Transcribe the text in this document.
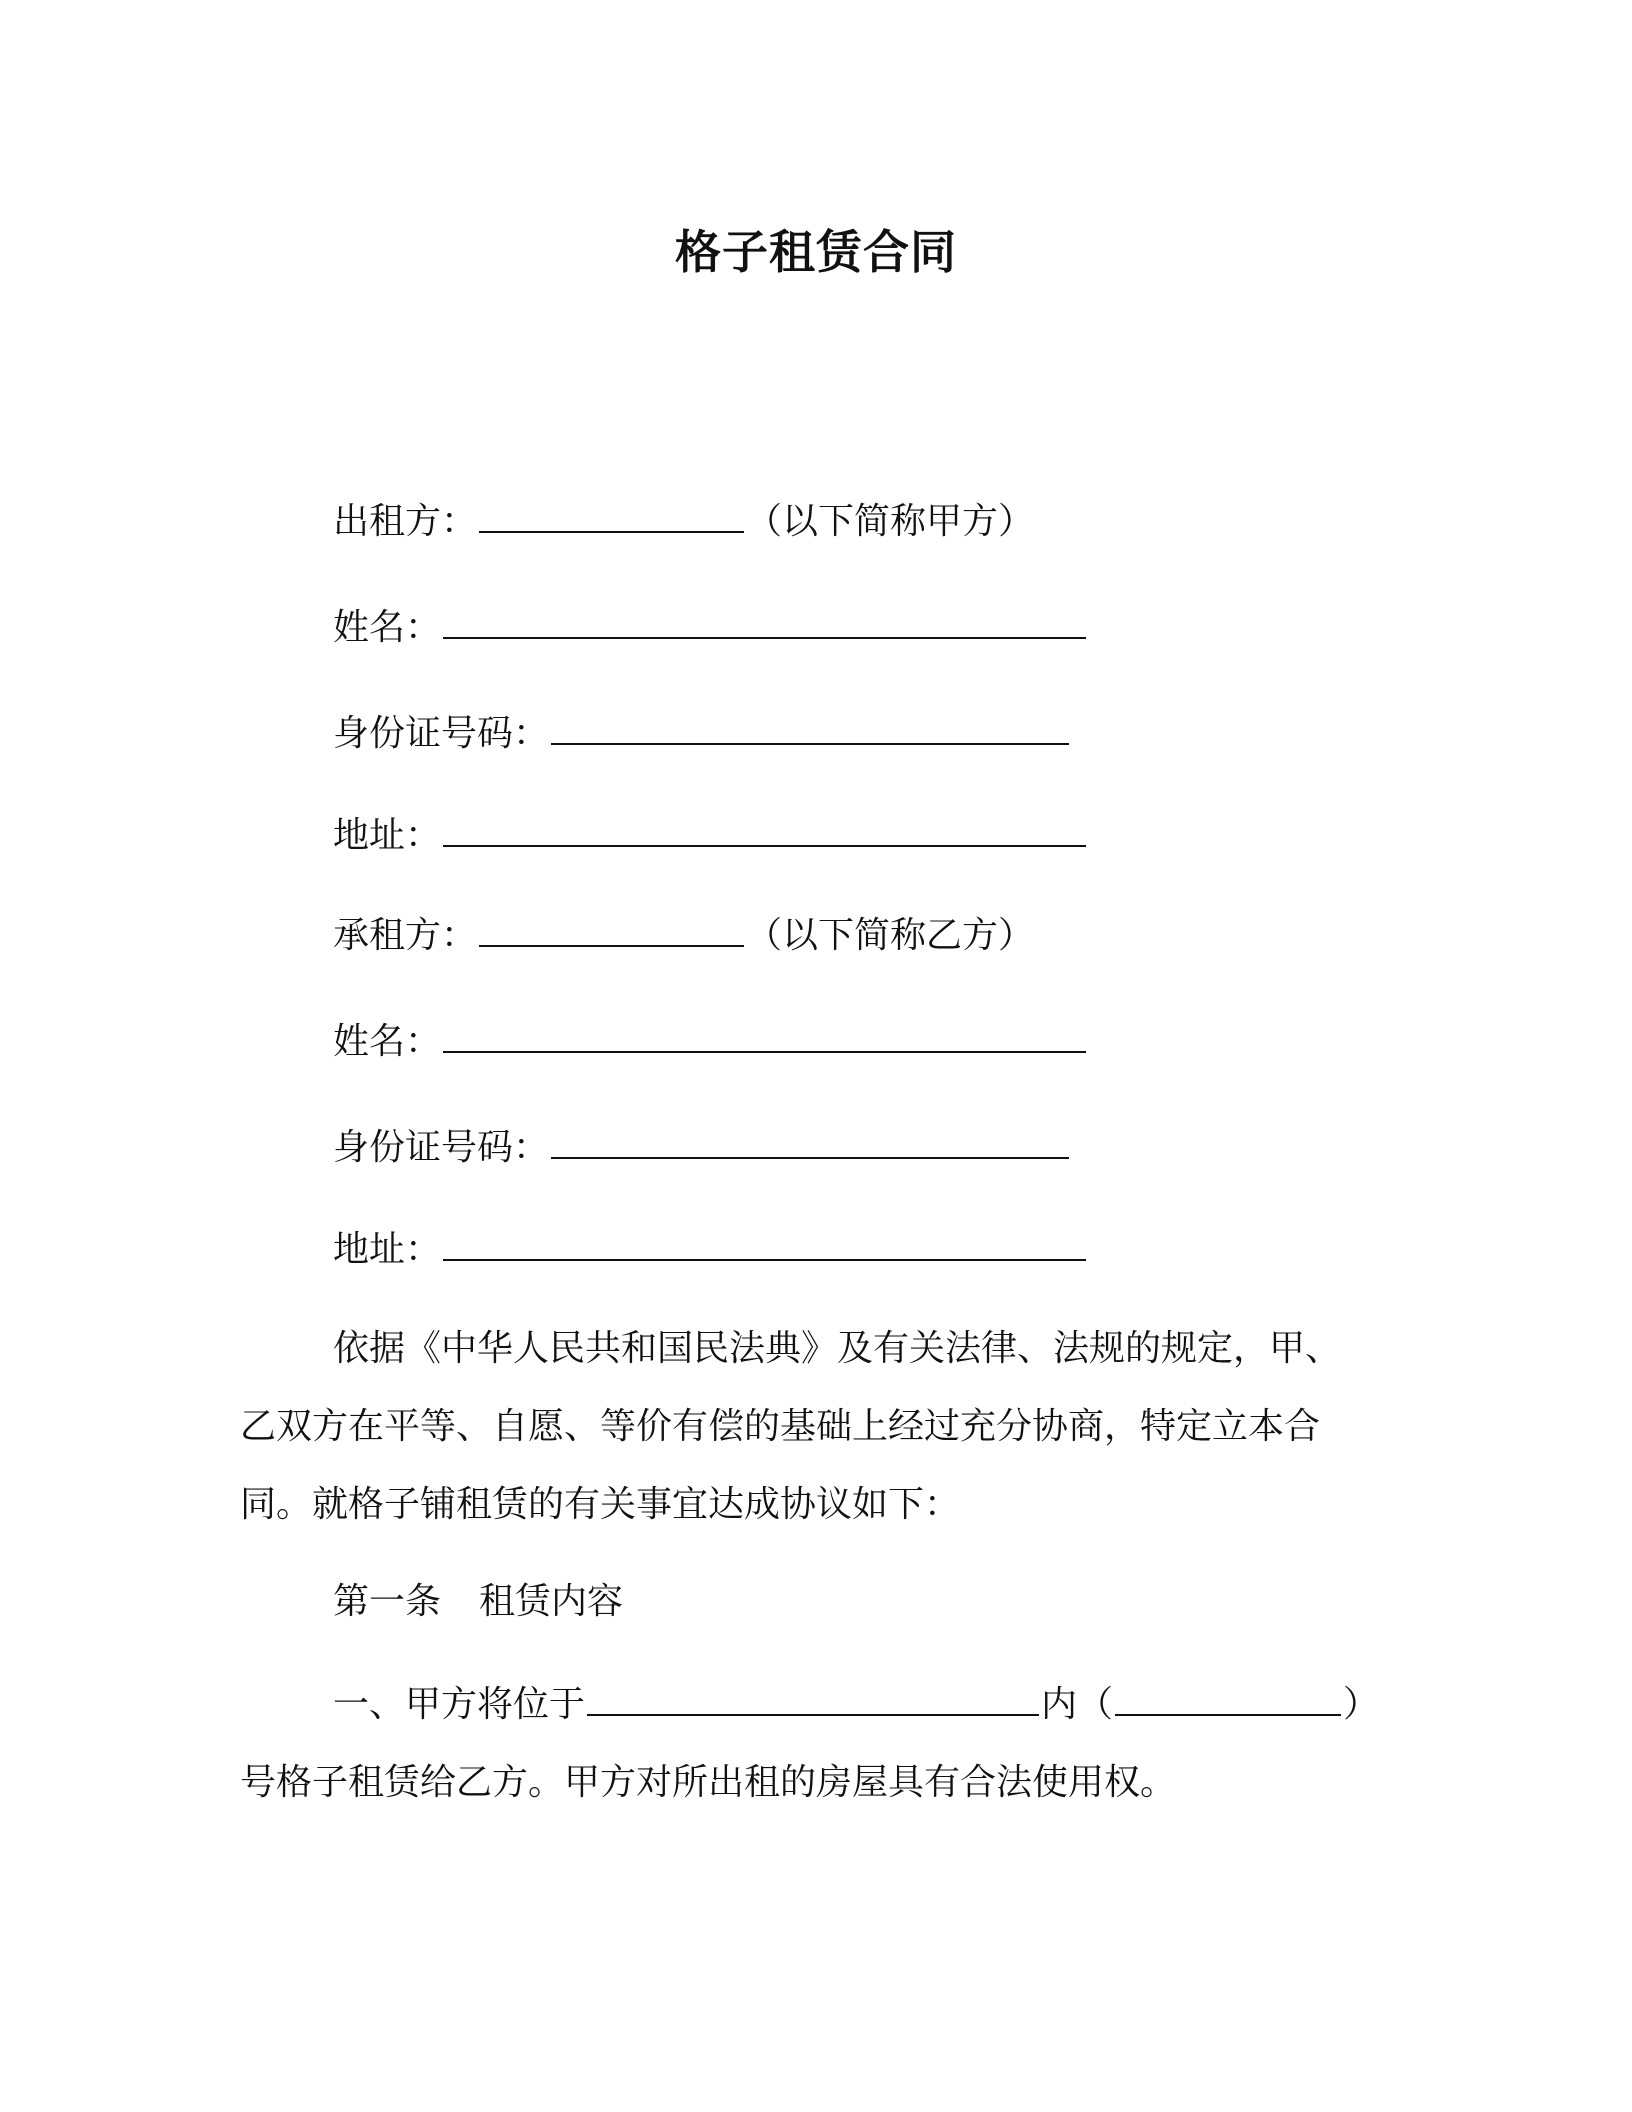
格子租赁合同
出租方：	（以下简称甲方）
姓名：
身份证号码：
地址：
承租方：	（以下简称乙方）
姓名：
身份证号码：
地址：
依据《中华人民共和国民法典》及有关法律、法规的规定，甲、
乙双方在平等、自愿、等价有偿的基础上经过充分协商，特定立本合
同。就格子铺租赁的有关事宜达成协议如下：
第一条 租赁内容
一、甲方将位于	内（	）
号格子租赁给乙方。甲方对所出租的房屋具有合法使用权。
